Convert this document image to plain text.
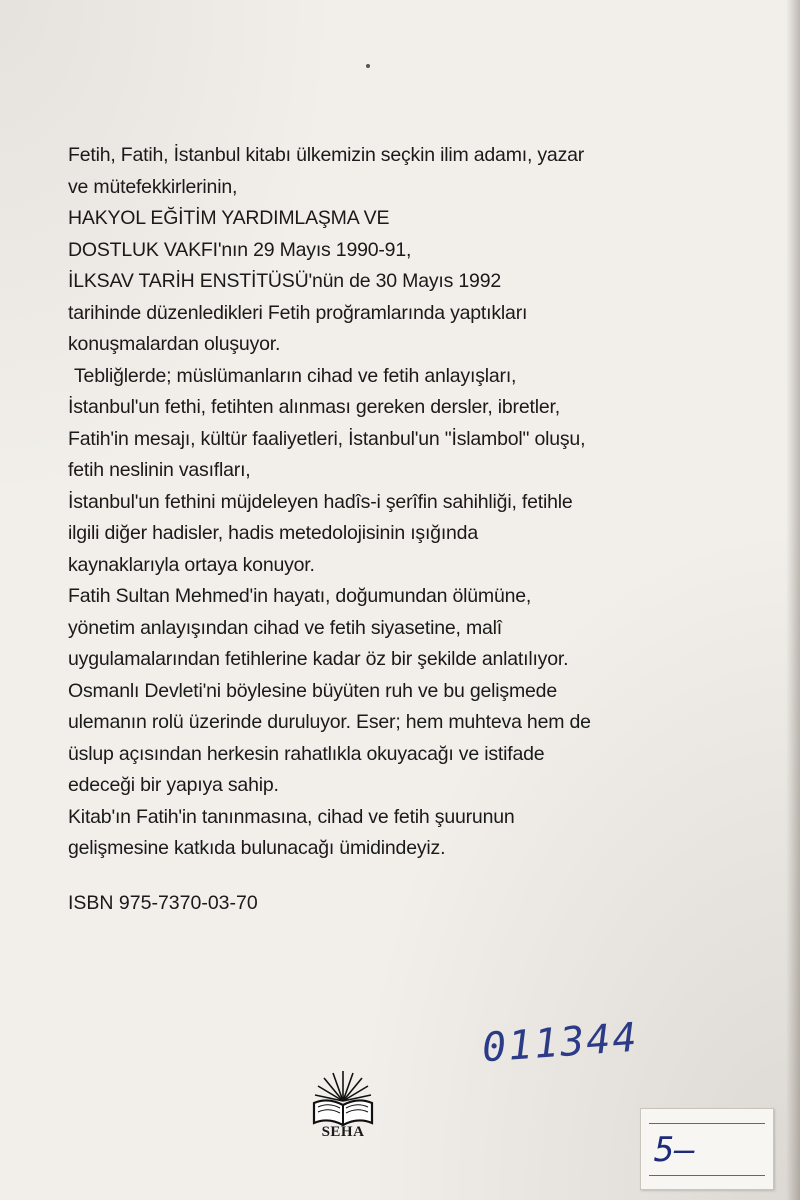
Fetih, Fatih, İstanbul kitabı ülkemizin seçkin ilim adamı, yazar
ve mütefekkirlerinin,
HAKYOL EĞİTİM YARDIMLAŞMA VE
DOSTLUK VAKFI'nın 29 Mayıs 1990-91,
İLKSAV TARİH ENSTİTÜSÜ'nün de 30 Mayıs 1992
tarihinde düzenledikleri Fetih proğramlarında yaptıkları
konuşmalardan oluşuyor.
Tebliğlerde; müslümanların cihad ve fetih anlayışları,
İstanbul'un fethi, fetihten alınması gereken dersler, ibretler,
Fatih'in mesajı, kültür faaliyetleri, İstanbul'un "İslambol" oluşu,
fetih neslinin vasıfları,
İstanbul'un fethini müjdeleyen hadîs-i şerîfin sahihliği, fetihle
ilgili diğer hadisler, hadis metedolojisinin ışığında
kaynaklarıyla ortaya konuyor.
Fatih Sultan Mehmed'in hayatı, doğumundan ölümüne,
yönetim anlayışından cihad ve fetih siyasetine, malî
uygulamalarından fetihlerine kadar öz bir şekilde anlatılıyor.
Osmanlı Devleti'ni böylesine büyüten ruh ve bu gelişmede
ulemanın rolü üzerinde duruluyor. Eser; hem muhteva hem de
üslup açısından herkesin rahatlıkla okuyacağı ve istifade
edeceği bir yapıya sahip.
Kitab'ın Fatih'in tanınmasına, cihad ve fetih şuurunun
gelişmesine katkıda bulunacağı ümidindeyiz.
ISBN 975-7370-03-70
011344
SEHA	5—
